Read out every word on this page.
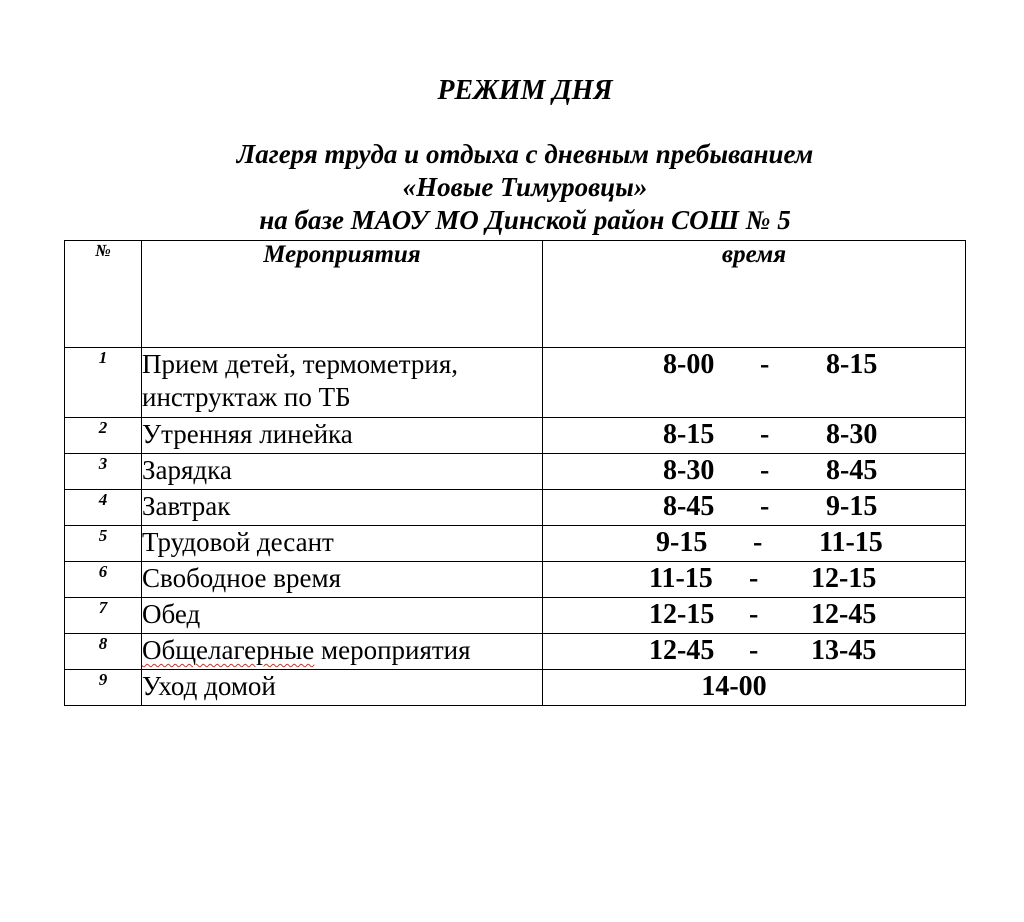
РЕЖИМ ДНЯ
Лагеря труда и отдыха с дневным пребыванием
«Новые Тимуровцы»
на базе МАОУ МО Динской район СОШ № 5
№	Мероприятия	время
1	Прием детей, термометрия, инструктаж по ТБ	8-00 - 8-15

2	Утренняя линейка	8-15 - 8-30

3	Зарядка	8-30 - 8-45

4	Завтрак	8-45 - 9-15

5	Трудовой десант	9-15 - 11-15

6	Свободное время	11-15 - 12-15

7	Обед	12-15 - 12-45

8	Общелагерные мероприятия	12-45 - 13-45

9	Уход домой	14-00
